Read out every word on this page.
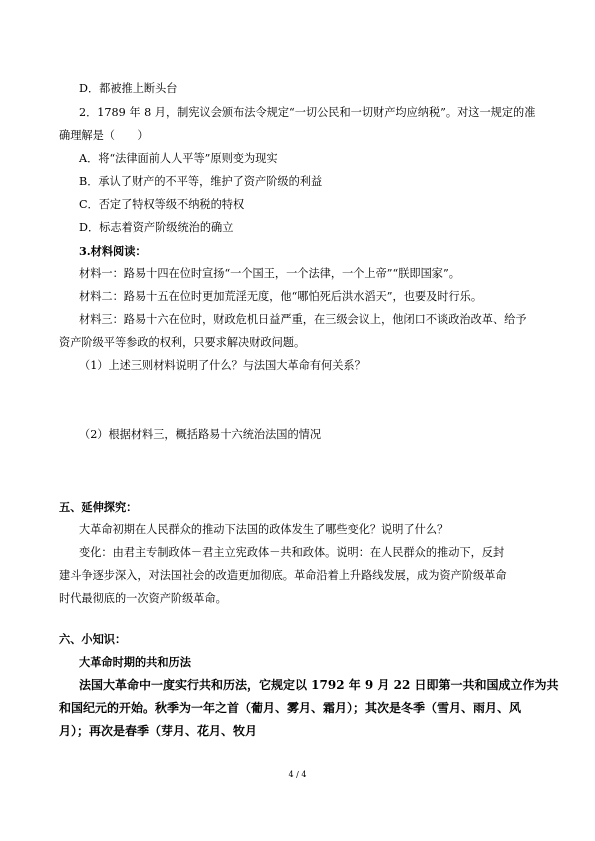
D．都被推上断头台
2．1789 年 8 月，制宪议会颁布法令规定“一切公民和一切财产均应纳税”。对这一规定的准
确理解是（　　）
A．将“法律面前人人平等”原则变为现实
B．承认了财产的不平等，维护了资产阶级的利益
C．否定了特权等级不纳税的特权
D．标志着资产阶级统治的确立
3.材料阅读：
材料一：路易十四在位时宣扬“一个国王，一个法律，一个上帝”“朕即国家”。
材料二：路易十五在位时更加荒淫无度，他“哪怕死后洪水滔天”，也要及时行乐。
材料三：路易十六在位时，财政危机日益严重，在三级会议上，他闭口不谈政治改革、给予
资产阶级平等参政的权利，只要求解决财政问题。
（1）上述三则材料说明了什么？与法国大革命有何关系？
（2）根据材料三，概括路易十六统治法国的情况
五、延伸探究：
大革命初期在人民群众的推动下法国的政体发生了哪些变化？说明了什么？
变化：由君主专制政体－君主立宪政体－共和政体。说明：在人民群众的推动下，反封
建斗争逐步深入，对法国社会的改造更加彻底。革命沿着上升路线发展，成为资产阶级革命
时代最彻底的一次资产阶级革命。
六、小知识：
大革命时期的共和历法
法国大革命中一度实行共和历法，它规定以 1792 年 9 月 22 日即第一共和国成立作为共
和国纪元的开始。秋季为一年之首（葡月、雾月、霜月）；其次是冬季（雪月、雨月、风
月）；再次是春季（芽月、花月、牧月
4 / 4
